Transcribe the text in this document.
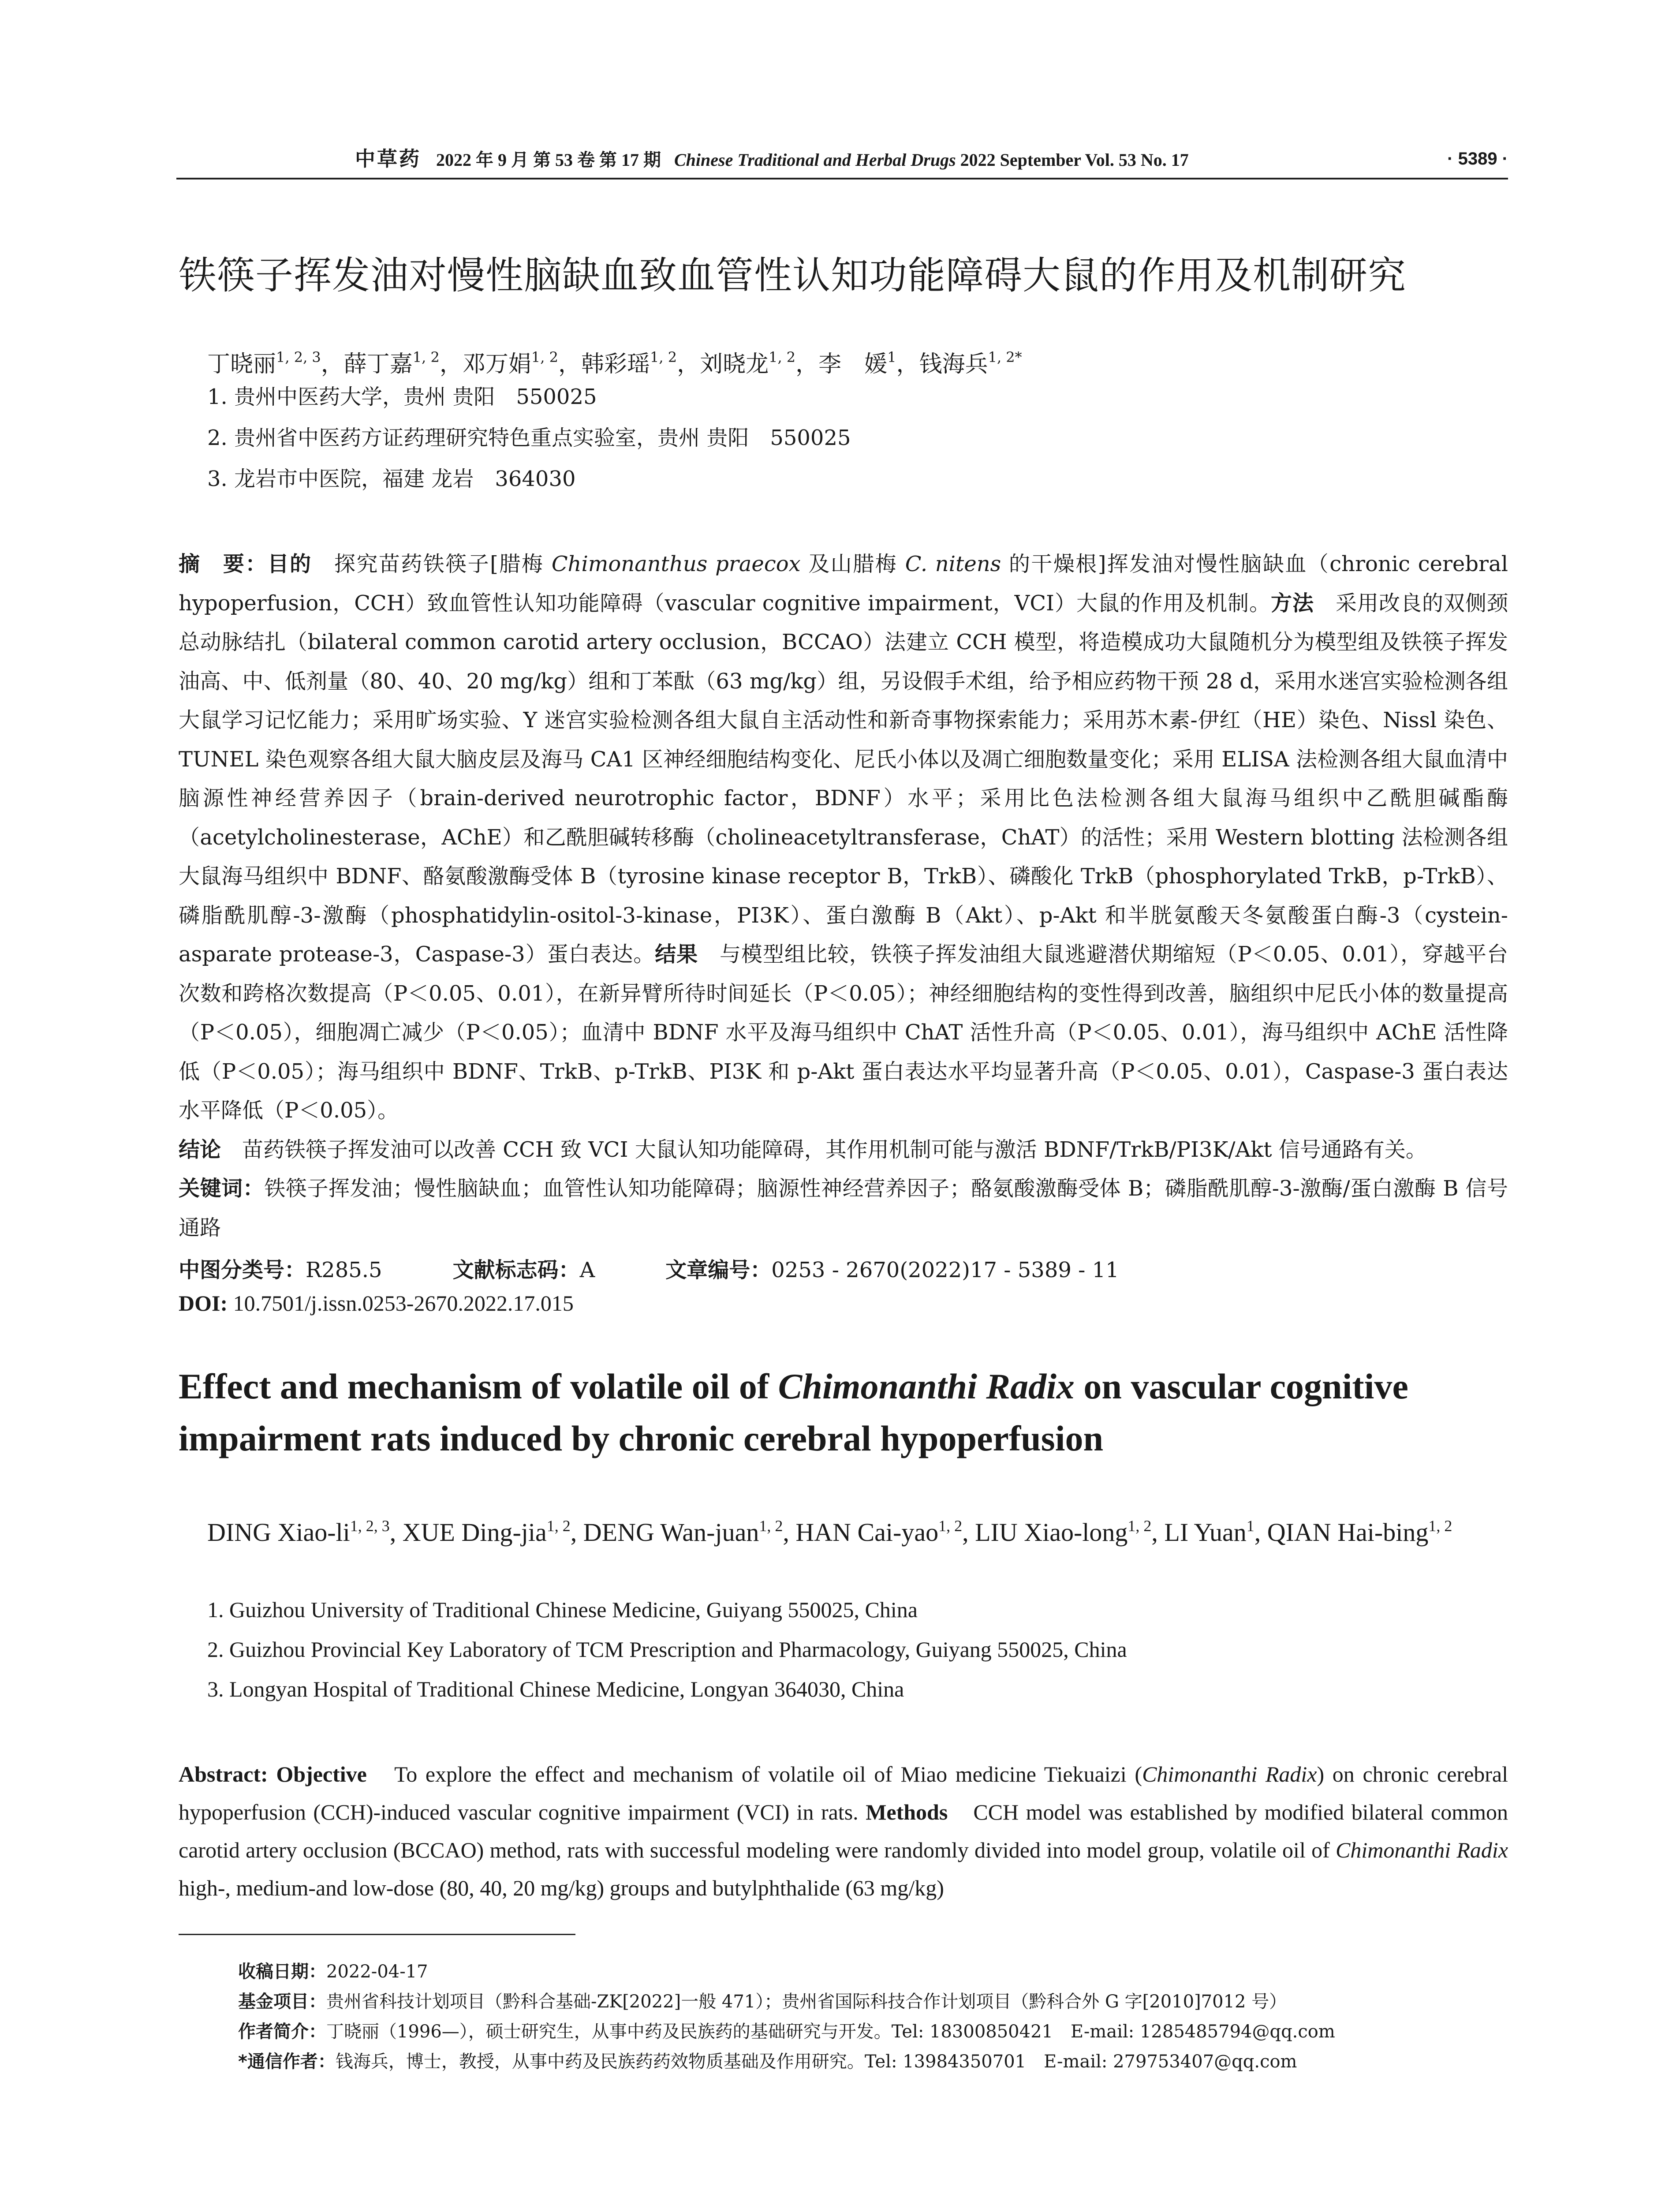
中草药 2022 年 9 月 第 53 卷 第 17 期 Chinese Traditional and Herbal Drugs 2022 September Vol. 53 No. 17	· 5389 ·
铁筷子挥发油对慢性脑缺血致血管性认知功能障碍大鼠的作用及机制研究
丁晓丽$^{1, 2, 3}$，薛丁嘉$^{1, 2}$，邓万娟$^{1, 2}$，韩彩瑶$^{1, 2}$，刘晓龙$^{1, 2}$，李　媛$^1$，钱海兵$^{1, 2*}$
1. 贵州中医药大学，贵州 贵阳　550025
2. 贵州省中医药方证药理研究特色重点实验室，贵州 贵阳　550025
3. 龙岩市中医院，福建 龙岩　364030
摘　要：目的　探究苗药铁筷子[腊梅 Chimonanthus praecox 及山腊梅 C. nitens 的干燥根]挥发油对慢性脑缺血（chronic cerebral hypoperfusion，CCH）致血管性认知功能障碍（vascular cognitive impairment，VCI）大鼠的作用及机制。方法　采用改良的双侧颈总动脉结扎（bilateral common carotid artery occlusion，BCCAO）法建立 CCH 模型，将造模成功大鼠随机分为模型组及铁筷子挥发油高、中、低剂量（80、40、20 mg/kg）组和丁苯酞（63 mg/kg）组，另设假手术组，给予相应药物干预 28 d，采用水迷宫实验检测各组大鼠学习记忆能力；采用旷场实验、Y 迷宫实验检测各组大鼠自主活动性和新奇事物探索能力；采用苏木素-伊红（HE）染色、Nissl 染色、TUNEL 染色观察各组大鼠大脑皮层及海马 CA1 区神经细胞结构变化、尼氏小体以及凋亡细胞数量变化；采用 ELISA 法检测各组大鼠血清中脑源性神经营养因子（brain-derived neurotrophic factor，BDNF）水平；采用比色法检测各组大鼠海马组织中乙酰胆碱酯酶（acetylcholinesterase，AChE）和乙酰胆碱转移酶（cholineacetyltransferase，ChAT）的活性；采用 Western blotting 法检测各组大鼠海马组织中 BDNF、酪氨酸激酶受体 B（tyrosine kinase receptor B，TrkB）、磷酸化 TrkB（phosphorylated TrkB，p-TrkB）、磷脂酰肌醇-3-激酶（phosphatidylin-ositol-3-kinase，PI3K）、蛋白激酶 B（Akt）、p-Akt 和半胱氨酸天冬氨酸蛋白酶-3（cystein-asparate protease-3，Caspase-3）蛋白表达。结果　与模型组比较，铁筷子挥发油组大鼠逃避潜伏期缩短（P＜0.05、0.01），穿越平台次数和跨格次数提高（P＜0.05、0.01），在新异臂所待时间延长（P＜0.05）；神经细胞结构的变性得到改善，脑组织中尼氏小体的数量提高（P＜0.05），细胞凋亡减少（P＜0.05）；血清中 BDNF 水平及海马组织中 ChAT 活性升高（P＜0.05、0.01），海马组织中 AChE 活性降低（P＜0.05）；海马组织中 BDNF、TrkB、p-TrkB、PI3K 和 p-Akt 蛋白表达水平均显著升高（P＜0.05、0.01），Caspase-3 蛋白表达水平降低（P＜0.05）。
结论　苗药铁筷子挥发油可以改善 CCH 致 VCI 大鼠认知功能障碍，其作用机制可能与激活 BDNF/TrkB/PI3K/Akt 信号通路有关。
关键词：铁筷子挥发油；慢性脑缺血；血管性认知功能障碍；脑源性神经营养因子；酪氨酸激酶受体 B；磷脂酰肌醇-3-激酶/蛋白激酶 B 信号通路
中图分类号：R285.5	文献标志码：A	文章编号：0253 - 2670(2022)17 - 5389 - 11
DOI: 10.7501/j.issn.0253-2670.2022.17.015
Effect and mechanism of volatile oil of Chimonanthi Radix on vascular cognitive impairment rats induced by chronic cerebral hypoperfusion
DING Xiao-li$^{1, 2, 3}$, XUE Ding-jia$^{1, 2}$, DENG Wan-juan$^{1, 2}$, HAN Cai-yao$^{1, 2}$, LIU Xiao-long$^{1, 2}$, LI Yuan$^1$, QIAN Hai-bing$^{1, 2}$
1. Guizhou University of Traditional Chinese Medicine, Guiyang 550025, China
2. Guizhou Provincial Key Laboratory of TCM Prescription and Pharmacology, Guiyang 550025, China
3. Longyan Hospital of Traditional Chinese Medicine, Longyan 364030, China
Abstract: Objective　To explore the effect and mechanism of volatile oil of Miao medicine Tiekuaizi (Chimonanthi Radix) on chronic cerebral hypoperfusion (CCH)-induced vascular cognitive impairment (VCI) in rats. Methods　CCH model was established by modified bilateral common carotid artery occlusion (BCCAO) method, rats with successful modeling were randomly divided into model group, volatile oil of Chimonanthi Radix high-, medium-and low-dose (80, 40, 20 mg/kg) groups and butylphthalide (63 mg/kg)
收稿日期：2022-04-17
基金项目：贵州省科技计划项目（黔科合基础-ZK[2022]一般 471）；贵州省国际科技合作计划项目（黔科合外 G 字[2010]7012 号）
作者简介：丁晓丽（1996—），硕士研究生，从事中药及民族药的基础研究与开发。Tel: 18300850421　E-mail: 1285485794@qq.com
*通信作者：钱海兵，博士，教授，从事中药及民族药药效物质基础及作用研究。Tel: 13984350701　E-mail: 279753407@qq.com
